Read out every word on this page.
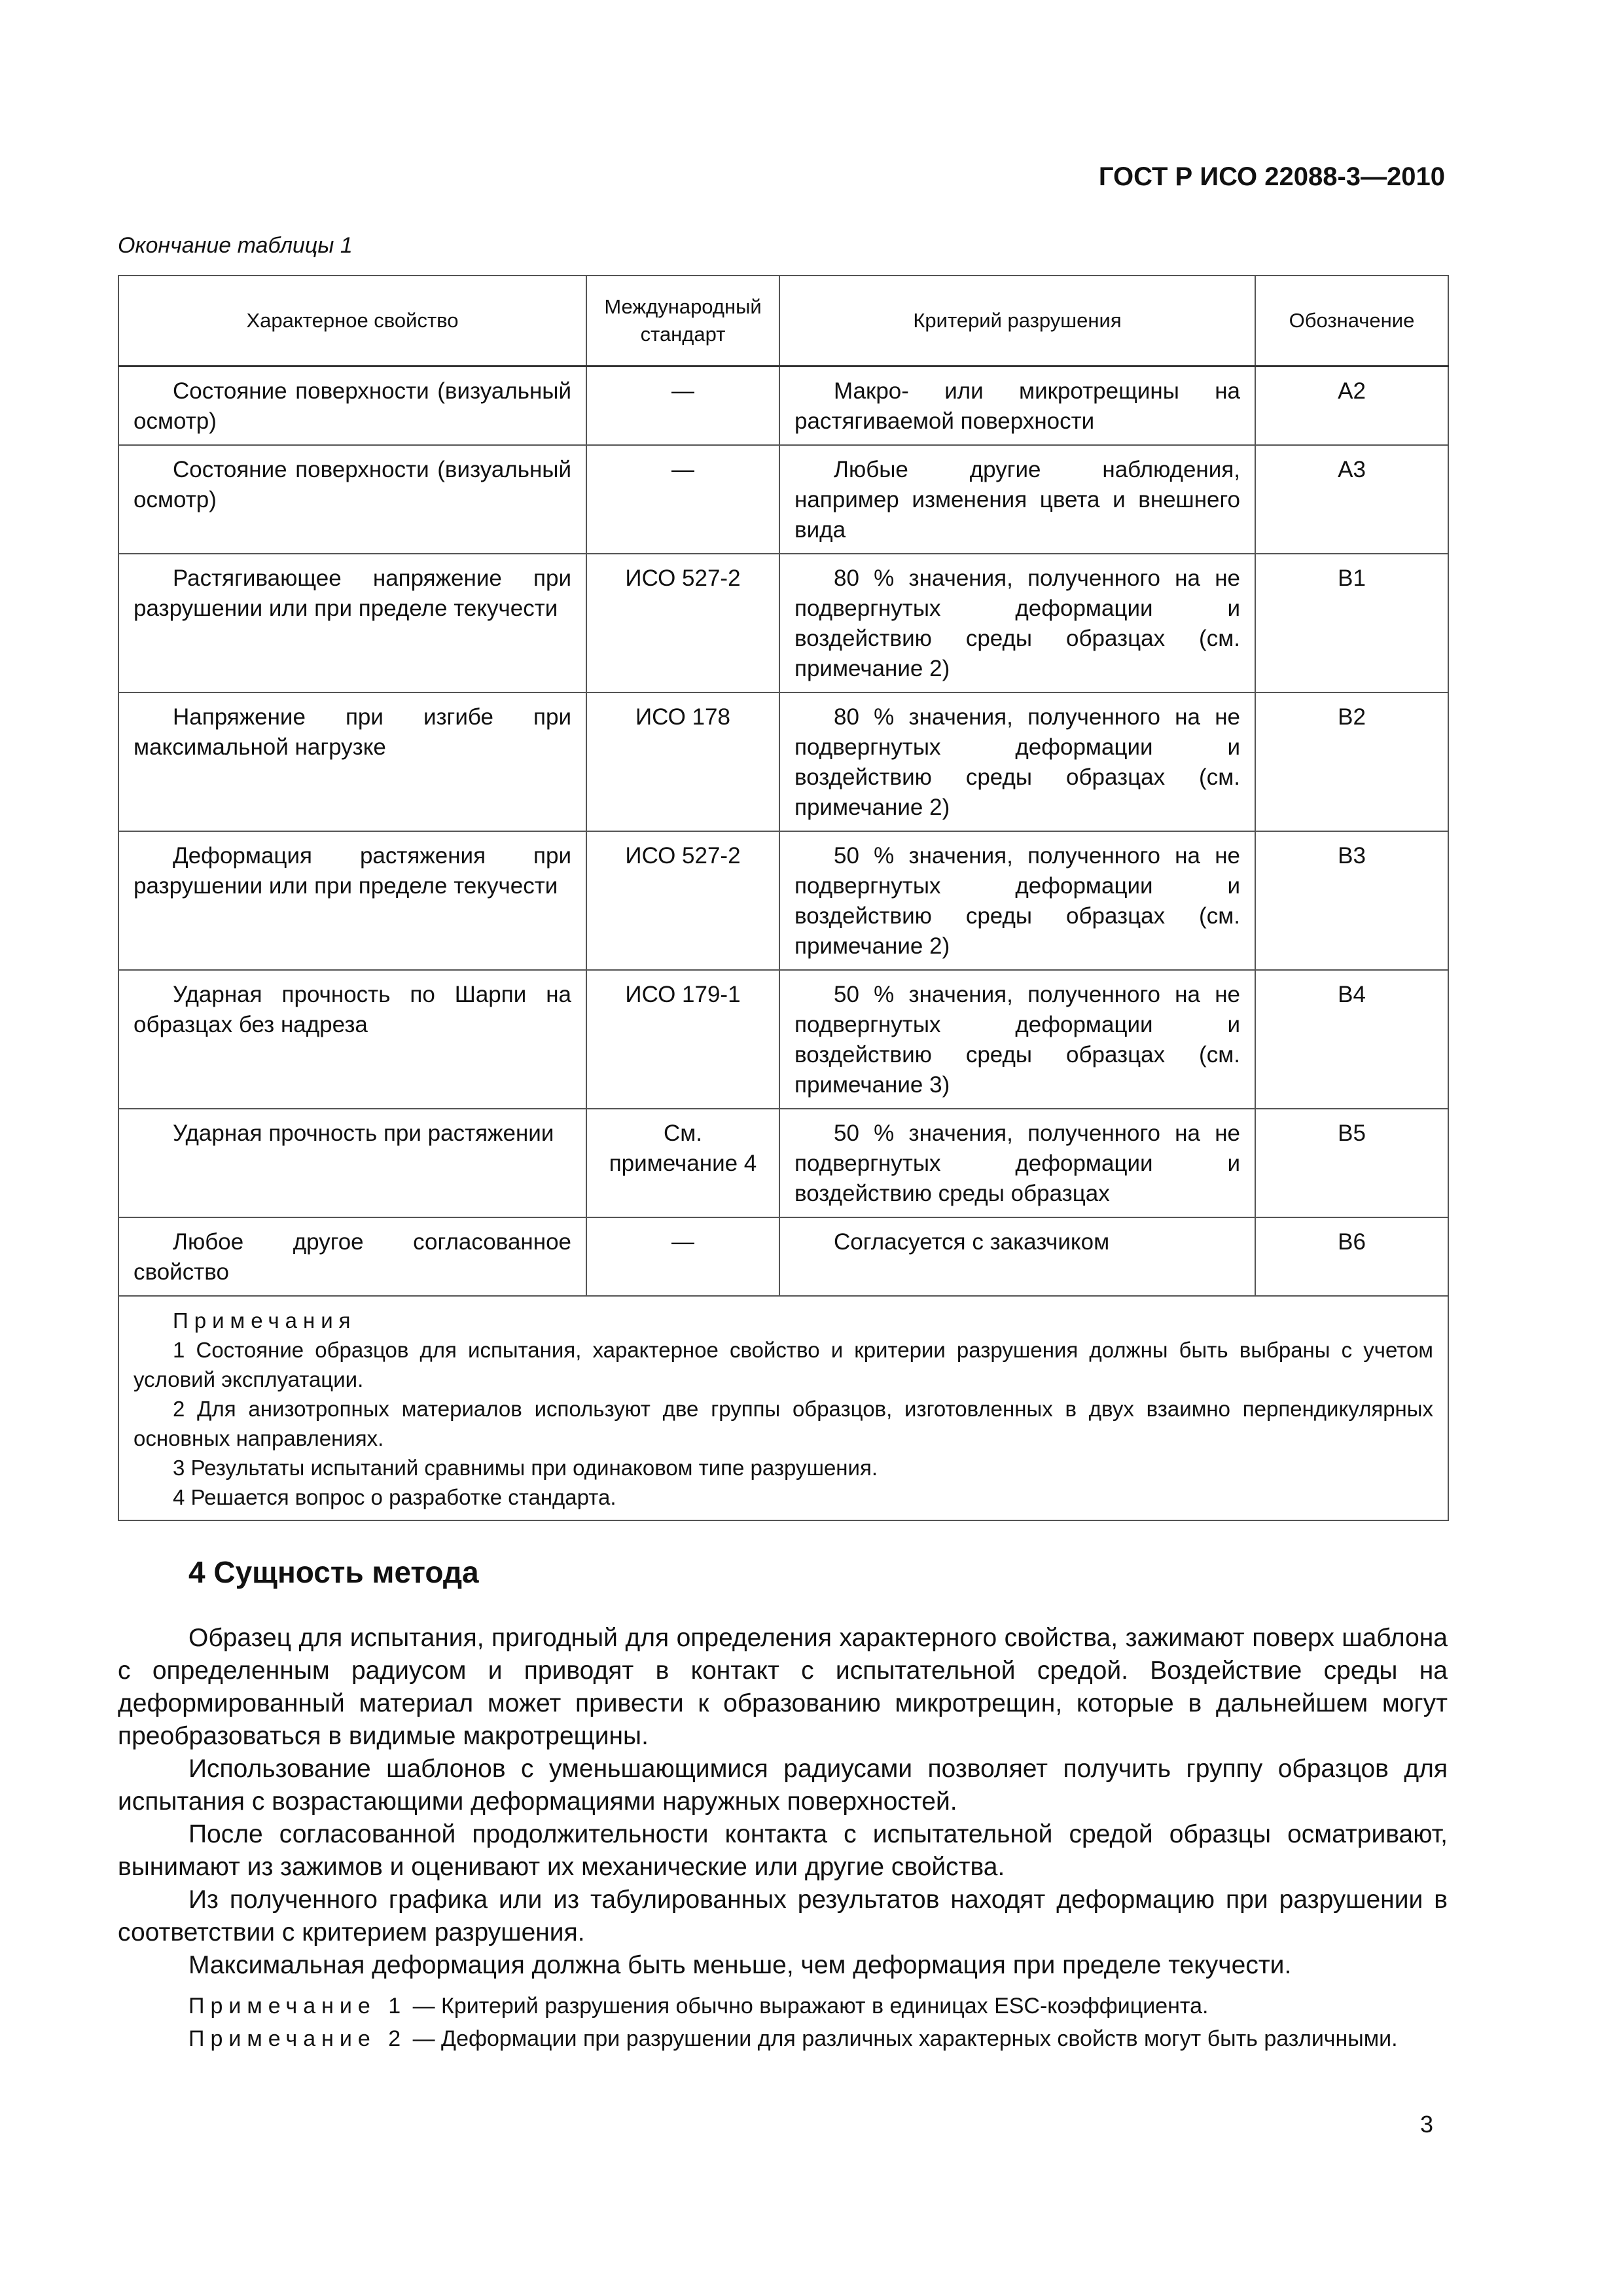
ГОСТ Р ИСО 22088-3—2010
Окончание таблицы 1
Характерное свойство	Международный стандарт	Критерий разрушения	Обозначение
Состояние поверхности (визуальный осмотр)	—	Макро- или микротрещины на растягиваемой поверхности	A2
Состояние поверхности (визуальный осмотр)	—	Любые другие наблюдения, например изменения цвета и внешнего вида	A3
Растягивающее напряжение при разрушении или при пределе текучести	ИСО 527-2	80 % значения, полученного на не подвергнутых деформации и воздействию среды образцах (см. примечание 2)	B1
Напряжение при изгибе при максимальной нагрузке	ИСО 178	80 % значения, полученного на не подвергнутых деформации и воздействию среды образцах (см. примечание 2)	B2
Деформация растяжения при разрушении или при пределе текучести	ИСО 527-2	50 % значения, полученного на не подвергнутых деформации и воздействию среды образцах (см. примечание 2)	B3
Ударная прочность по Шарпи на образцах без надреза	ИСО 179-1	50 % значения, полученного на не подвергнутых деформации и воздействию среды образцах (см. примечание 3)	B4
Ударная прочность при растяжении	См. примечание 4	50 % значения, полученного на не подвергнутых деформации и воздействию среды образцах	B5
Любое другое согласованное свойство	—	Согласуется с заказчиком	B6

Примечания

1 Состояние образцов для испытания, характерное свойство и критерии разрушения должны быть выбраны с учетом условий эксплуатации.

2 Для анизотропных материалов используют две группы образцов, изготовленных в двух взаимно перпендикулярных основных направлениях.

3 Результаты испытаний сравнимы при одинаковом типе разрушения.

4 Решается вопрос о разработке стандарта.			

4 Сущность метода

Образец для испытания, пригодный для определения характерного свойства, зажимают поверх шаблона с определенным радиусом и приводят в контакт с испытательной средой. Воздействие среды на деформированный материал может привести к образованию микротрещин, которые в дальнейшем могут преобразоваться в видимые макротрещины.

Использование шаблонов с уменьшающимися радиусами позволяет получить группу образцов для испытания с возрастающими деформациями наружных поверхностей.

После согласованной продолжительности контакта с испытательной средой образцы осматривают, вынимают из зажимов и оценивают их механические или другие свойства.

Из полученного графика или из табулированных результатов находят деформацию при разрушении в соответствии с критерием разрушения.

Максимальная деформация должна быть меньше, чем деформация при пределе текучести.

Примечание 1 — Критерий разрушения обычно выражают в единицах ESC-коэффициента.

Примечание 2 — Деформации при разрушении для различных характерных свойств могут быть различными.

3
